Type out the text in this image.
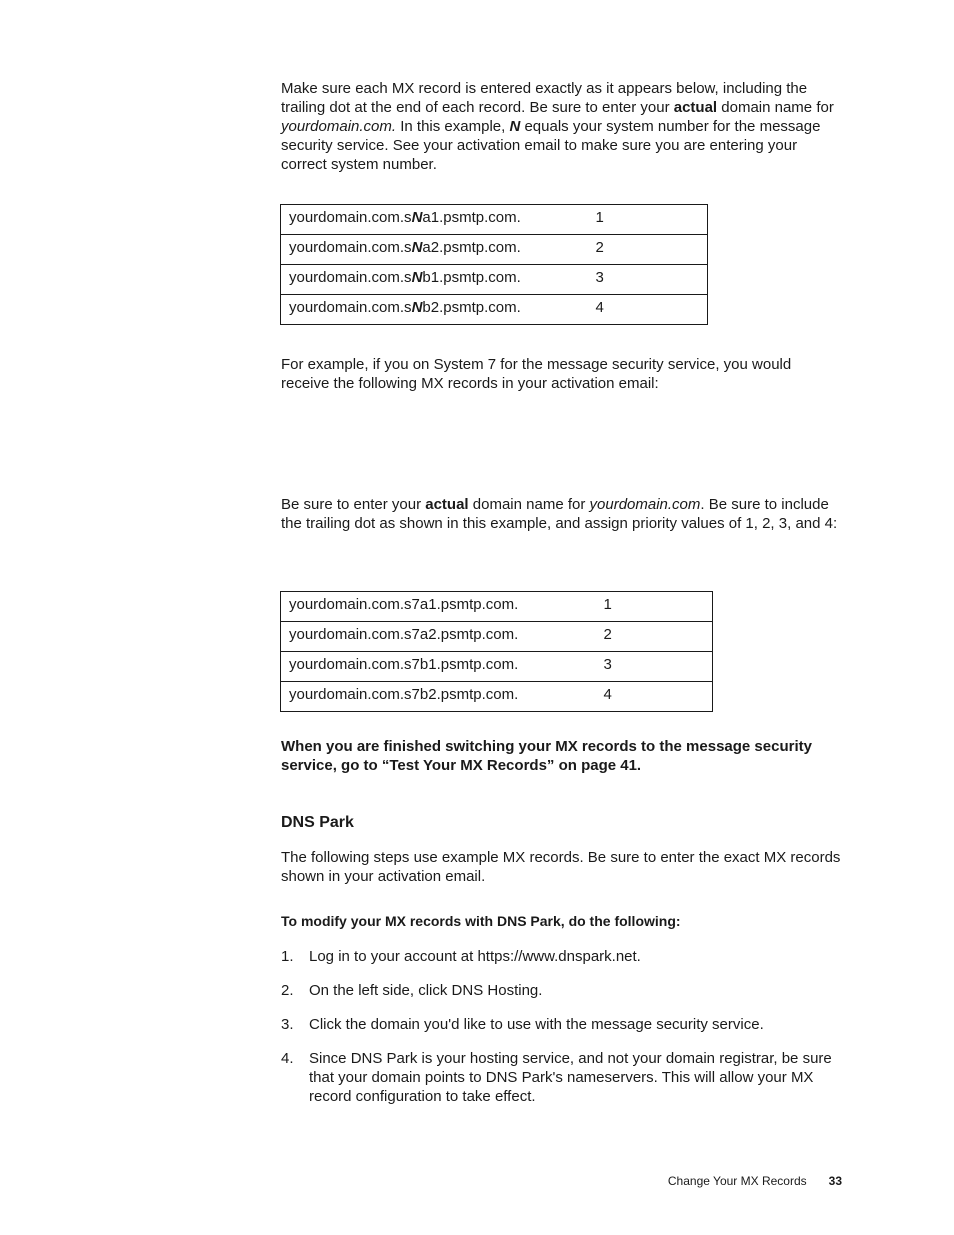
Make sure each MX record is entered exactly as it appears below, including the trailing dot at the end of each record. Be sure to enter your actual domain name for yourdomain.com. In this example, N equals your system number for the message security service. See your activation email to make sure you are entering your correct system number.

yourdomain.com.sNa1.psmtp.com.	1
yourdomain.com.sNa2.psmtp.com.	2
yourdomain.com.sNb1.psmtp.com.	3
yourdomain.com.sNb2.psmtp.com.	4

For example, if you on System 7 for the message security service, you would receive the following MX records in your activation email:

Be sure to enter your actual domain name for yourdomain.com. Be sure to include the trailing dot as shown in this example, and assign priority values of 1, 2, 3, and 4:

yourdomain.com.s7a1.psmtp.com.	1
yourdomain.com.s7a2.psmtp.com.	2
yourdomain.com.s7b1.psmtp.com.	3
yourdomain.com.s7b2.psmtp.com.	4

When you are finished switching your MX records to the message security service, go to “Test Your MX Records” on page 41.

DNS Park

The following steps use example MX records. Be sure to enter the exact MX records shown in your activation email.

To modify your MX records with DNS Park, do the following:

1. Log in to your account at https://www.dnspark.net.
2. On the left side, click DNS Hosting.
3. Click the domain you'd like to use with the message security service.
4. Since DNS Park is your hosting service, and not your domain registrar, be sure that your domain points to DNS Park's nameservers. This will allow your MX record configuration to take effect.
Change Your MX Records 33
